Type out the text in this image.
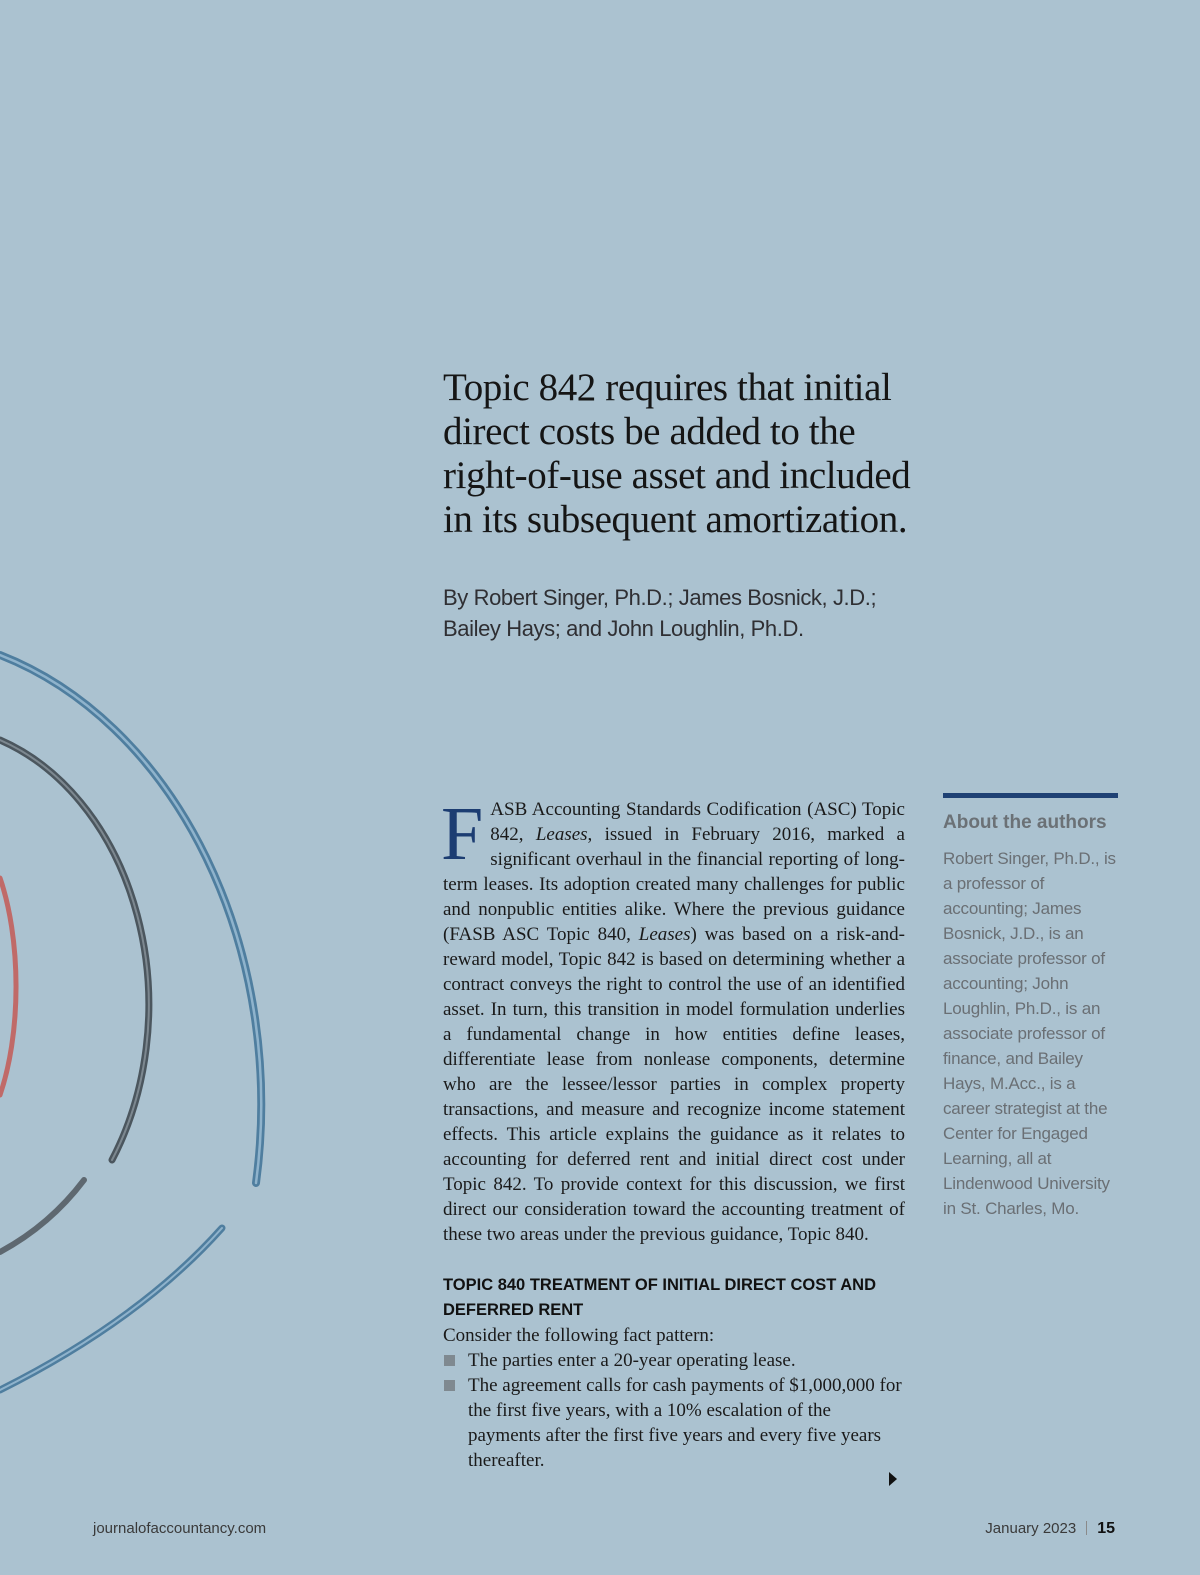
Topic 842 requires that initial direct costs be added to the right-of-use asset and included in its subsequent amortization.
By Robert Singer, Ph.D.; James Bosnick, J.D.;
Bailey Hays; and John Loughlin, Ph.D.

FASB Accounting Standards Codification (ASC) Topic 842, Leases, issued in February 2016, marked a significant overhaul in the financial reporting of long-term leases. Its adoption created many challenges for public and nonpublic entities alike. Where the previous guidance (FASB ASC Topic 840, Leases) was based on a risk-and-reward model, Topic 842 is based on determining whether a contract conveys the right to control the use of an identified asset. In turn, this transition in model formulation underlies a fundamental change in how entities define leases, differentiate lease from nonlease components, determine who are the lessee/lessor parties in complex property transactions, and measure and recognize income statement effects. This article explains the guidance as it relates to accounting for deferred rent and initial direct cost under Topic 842. To provide context for this discussion, we first direct our consideration toward the accounting treatment of these two areas under the previous guidance, Topic 840.

TOPIC 840 TREATMENT OF INITIAL DIRECT COST AND DEFERRED RENT

Consider the following fact pattern:

The parties enter a 20-year operating lease.
The agreement calls for cash payments of $1,000,000 for the first five years, with a 10% escalation of the payments after the first five years and every five years thereafter.
About the authors

Robert Singer, Ph.D., is a professor of accounting; James Bosnick, J.D., is an associate professor of accounting; John Loughlin, Ph.D., is an associate professor of finance, and Bailey Hays, M.Acc., is a career strategist at the Center for Engaged Learning, all at Lindenwood University in St. Charles, Mo.

journalofaccountancy.com	January 2023 15
